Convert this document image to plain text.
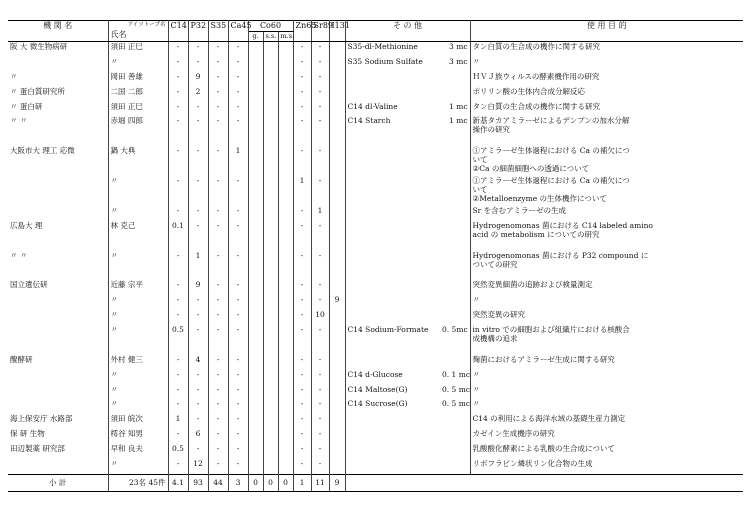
機 関 名	アイソトープ名
氏名	C14	P32	S35	Ca45	Co60			Zn65	Sr89	I131	そ の 他		使 用 目 的
						g.	s.s.	m.s.						
阪 大 微生物病研	須田 正巳	-	-	-	-				-	-		S35-dl-Methionine	3 mc	タン白質の生合成の機作に関する研究

	〃	-	-	-	-				-	-		S35 Sodium Sulfate	3 mc	〃

〃	岡田 善雄	-	9	-	-				-	-				ＨＶＪ族ウィルスの酵素機作用の研究

〃 蛋白質研究所	二国 二郎	-	2	-	-				-	-				ポリリン酸の生体内合成分解反応

〃 蛋白研	須田 正巳	-	-	-	-				-	-		C14 dl-Valine	1 mc	タン白質の生合成の機作に関する研究

〃 〃	赤堀 四郎	-	-	-	-				-	-		C14 Starch	1 mc	新基タカアミラーゼによるデンプンの加水分解
操作の研究

大阪市大 理工 応微	鍋 大典	-	-	-	1				-	-				①アミラーゼ生体過程における Ca の補欠につ
いて
②Ca の細菌細胞への透過について

	〃	-	-	-	-				1	-				①アミラーゼ生体過程における Ca の補欠につ
いて
②Metalloenzyme の生体機作について

	〃	-	-	-	-				-	1				Sr を含むアミラーゼの生成

広島大 理	林 克己	0.1	-	-	-				-	-				Hydrogenomonas 菌における C14 labeled amino
acid の metabolism についての研究

〃 〃	〃	-	1	-	-				-	-				Hydrogenomonas 菌における P32 compound に
ついての研究

国立遺伝研	近藤 宗平	-	9	-	-				-	-				突然変異細菌の追跡および検量測定

	〃	-	-	-	-				-	-	9			〃

	〃	-	-	-	-				-	10				突然変異の研究

	〃	0.5	-	-	-				-	-		C14 Sodium-Formate	0. 5mc	in vitro での細胞および組織片における核酸合
成機構の追求

醗酵研	外村 健三	-	4	-	-				-	-				麹菌におけるアミラーゼ生成に関する研究

	〃	-	-	-	-				-	-		C14 d-Glucose	0. 1 mc	〃

	〃	-	-	-	-				-	-		C14 Maltose(G)	0. 5 mc	〃

	〃	-	-	-	-				-	-		C14 Sucrose(G)	0. 5 mc	〃

海上保安庁 水路部	須田 皖次	1	-	-	-				-	-				C14 の利用による海洋水域の基礎生産力測定

保 研 生物	樗谷 知男	-	6	-	-				-	-				カゼイン生成機序の研究

田辺製薬 研究部	早和 良夫	0.5	-	-	-				-	-				乳酸酸化酵素による乳酸の生合成について

	〃	-	12	-	-				-	-				リボフラビン燐状リン化合物の生成

小 計	23名 45件	4.1	93	44	3	0	0	0	1	11	9			
